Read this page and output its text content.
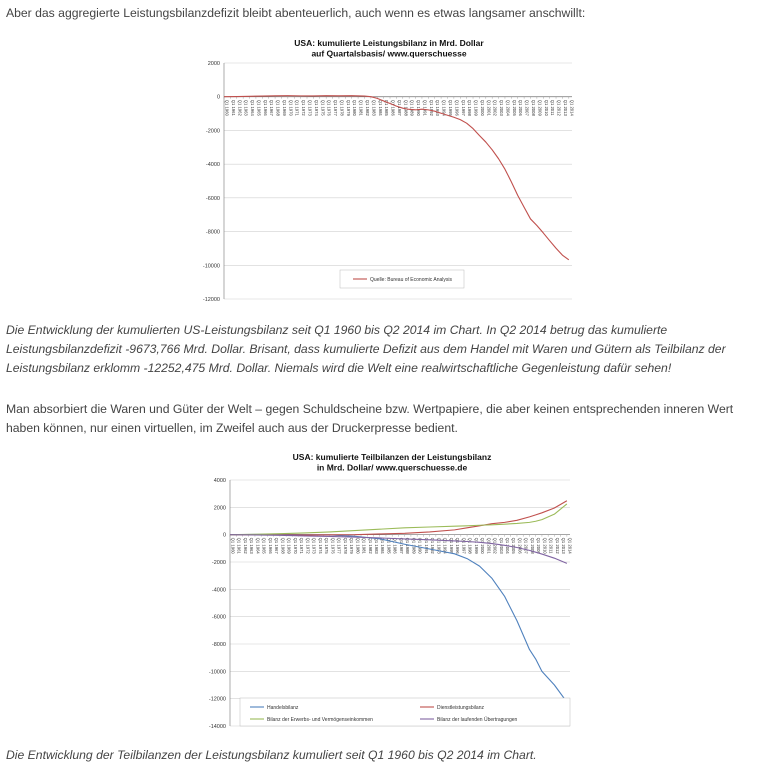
Aber das aggregierte Leistungsbilanzdefizit bleibt abenteuerlich, auch wenn es etwas langsamer anschwillt:

USA: kumulierte Leistungsbilanz in Mrd. Dollar
auf Quartalsbasis/ www.querschuesse
2000
0
-2000
-4000
-6000
-8000
-10000
-12000
Q1 1960 Q1 1961 Q1 1962 Q1 1963 Q1 1964 Q1 1965 Q1 1966 Q1 1967 Q1 1968 Q1 1969 Q1 1970 Q1 1971 Q1 1972 Q1 1973 Q1 1974 Q1 1975 Q1 1976 Q1 1977 Q1 1978 Q1 1979 Q1 1980 Q1 1981 Q1 1982 Q1 1983 Q1 1984 Q1 1985 Q1 1986 Q1 1987 Q1 1988 Q1 1989 Q1 1990 Q1 1991 Q1 1992 Q1 1993 Q1 1994 Q1 1995 Q1 1996 Q1 1997 Q1 1998 Q1 1999 Q1 2000 Q1 2001 Q1 2002 Q1 2003 Q1 2004 Q1 2005 Q1 2006 Q1 2007 Q1 2008 Q1 2009 Q1 2010 Q1 2011 Q1 2012 Q1 2013 Q1 2014
Quelle: Bureau of Economic Analysis

Die Entwicklung der kumulierten US-Leistungsbilanz seit Q1 1960 bis Q2 2014 im Chart. In Q2 2014 betrug das kumulierte Leistungsbilanzdefizit -9673,766 Mrd. Dollar. Brisant, dass kumulierte Defizit aus dem Handel mit Waren und Gütern als Teilbilanz der Leistungsbilanz erklomm -12252,475 Mrd. Dollar. Niemals wird die Welt eine realwirtschaftliche Gegenleistung dafür sehen!

Man absorbiert die Waren und Güter der Welt – gegen Schuldscheine bzw. Wertpapiere, die aber keinen entsprechenden inneren Wert haben können, nur einen virtuellen, im Zweifel auch aus der Druckerpresse bedient.

USA: kumulierte Teilbilanzen der Leistungsbilanz
in Mrd. Dollar/ www.querschuesse.de
4000
2000
0
-2000
-4000
-6000
-8000
-10000
-12000
-14000
Q1 1960 Q1 1961 Q1 1962 Q1 1963 Q1 1964 Q1 1965 Q1 1966 Q1 1967 Q1 1968 Q1 1969 Q1 1970 Q1 1971 Q1 1972 Q1 1973 Q1 1974 Q1 1975 Q1 1976 Q1 1977 Q1 1978 Q1 1979 Q1 1980 Q1 1981 Q1 1982 Q1 1983 Q1 1984 Q1 1985 Q1 1986 Q1 1987 Q1 1988 Q1 1989 Q1 1990 Q1 1991 Q1 1992 Q1 1993 Q1 1994 Q1 1995 Q1 1996 Q1 1997 Q1 1998 Q1 1999 Q1 2000 Q1 2001 Q1 2002 Q1 2003 Q1 2004 Q1 2005 Q1 2006 Q1 2007 Q1 2008 Q1 2009 Q1 2010 Q1 2011 Q1 2012 Q1 2013 Q1 2014
Handelsbilanz	Dienstleistungsbilanz
Bilanz der Erwerbs- und Vermögenseinkommen	Bilanz der laufenden Übertragungen

Die Entwicklung der Teilbilanzen der Leistungsbilanz kumuliert seit Q1 1960 bis Q2 2014 im Chart.
